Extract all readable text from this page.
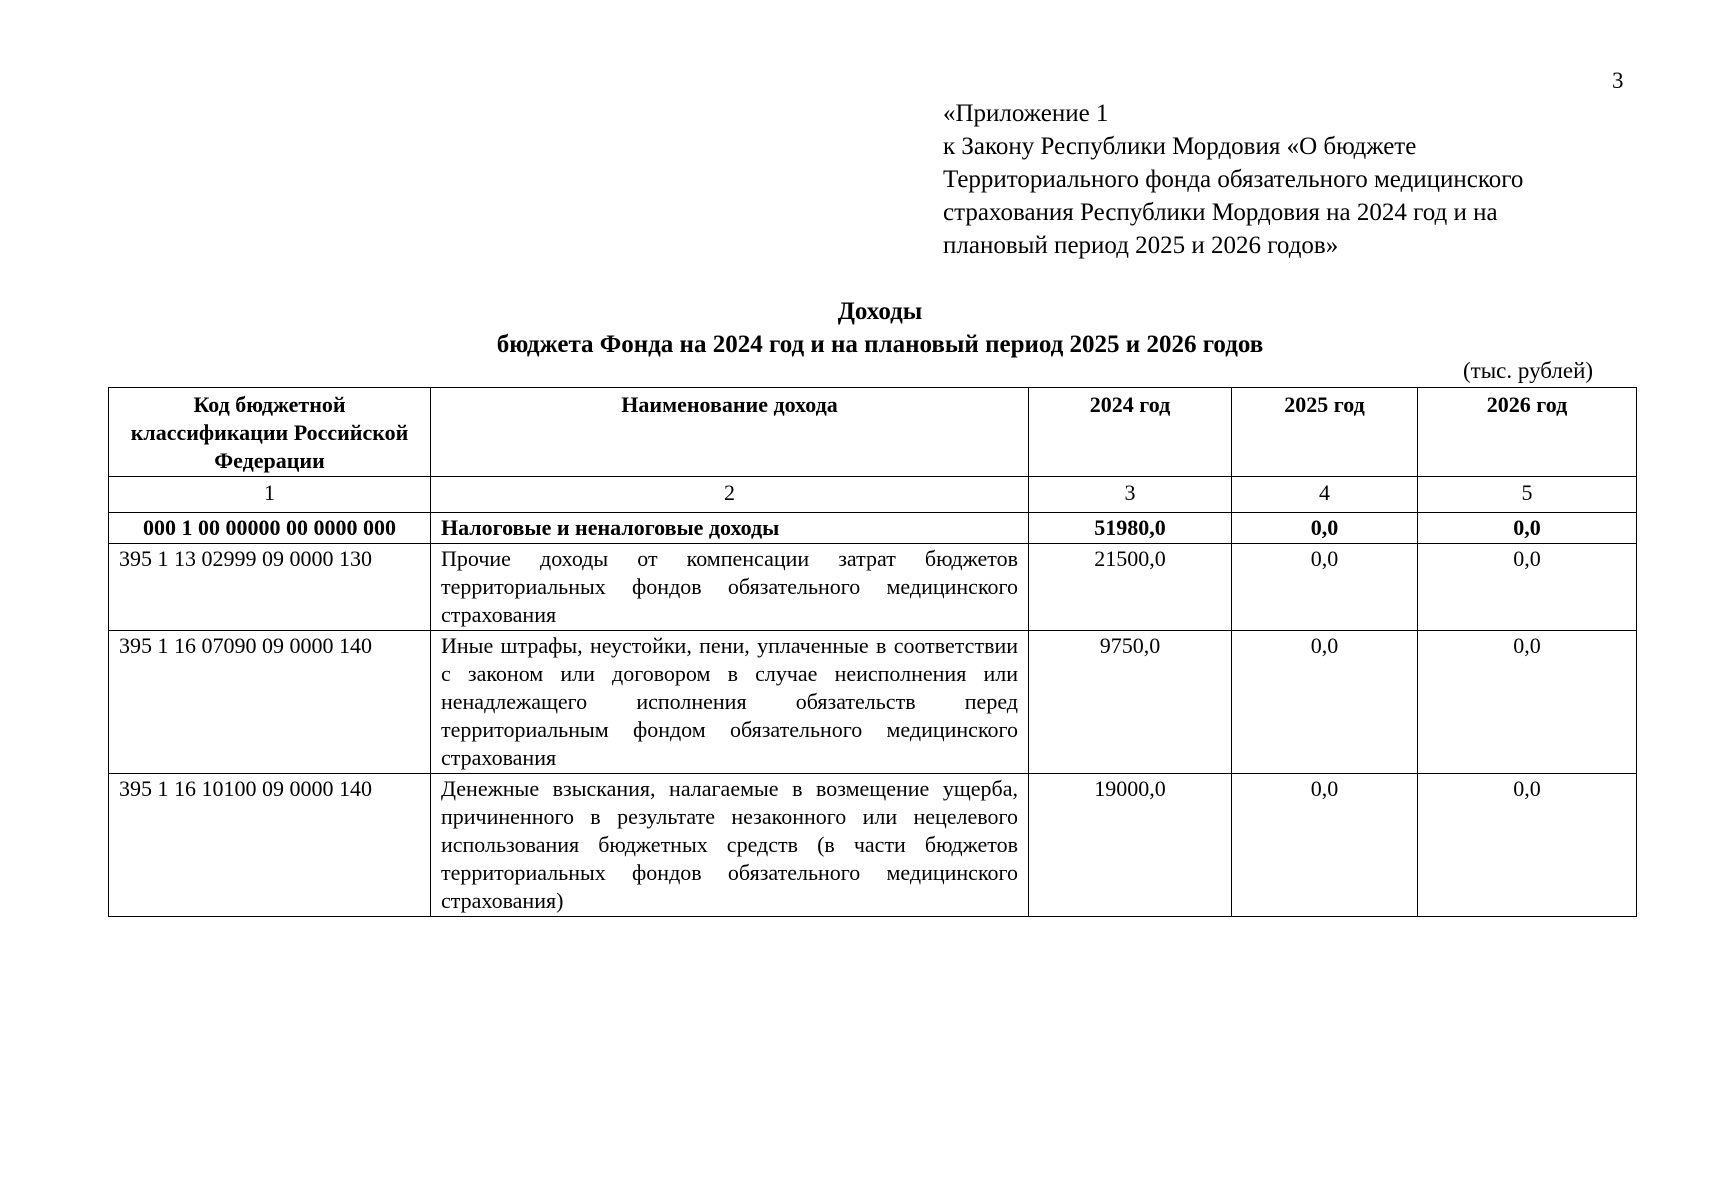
3
«Приложение 1
к Закону Республики Мордовия «О бюджете
Территориального фонда обязательного медицинского
страхования Республики Мордовия на 2024 год и на
плановый период 2025 и 2026 годов»
Доходы
бюджета Фонда на 2024 год и на плановый период 2025 и 2026 годов
(тыс. рублей)
Код бюджетной классификации Российской Федерации	Наименование дохода	2024 год	2025 год	2026 год
1	2	3	4	5
000 1 00 00000 00 0000 000	Налоговые и неналоговые доходы	51980,0	0,0	0,0
395 1 13 02999 09 0000 130	Прочие доходы от компенсации затрат бюджетов территориальных фондов обязательного медицинского страхования	21500,0	0,0	0,0
395 1 16 07090 09 0000 140	Иные штрафы, неустойки, пени, уплаченные в соответствии с законом или договором в случае неисполнения или ненадлежащего исполнения обязательств перед территориальным фондом обязательного медицинского страхования	9750,0	0,0	0,0
395 1 16 10100 09 0000 140	Денежные взыскания, налагаемые в возмещение ущерба, причиненного в результате незаконного или нецелевого использования бюджетных средств (в части бюджетов территориальных фондов обязательного медицинского страхования)	19000,0	0,0	0,0
